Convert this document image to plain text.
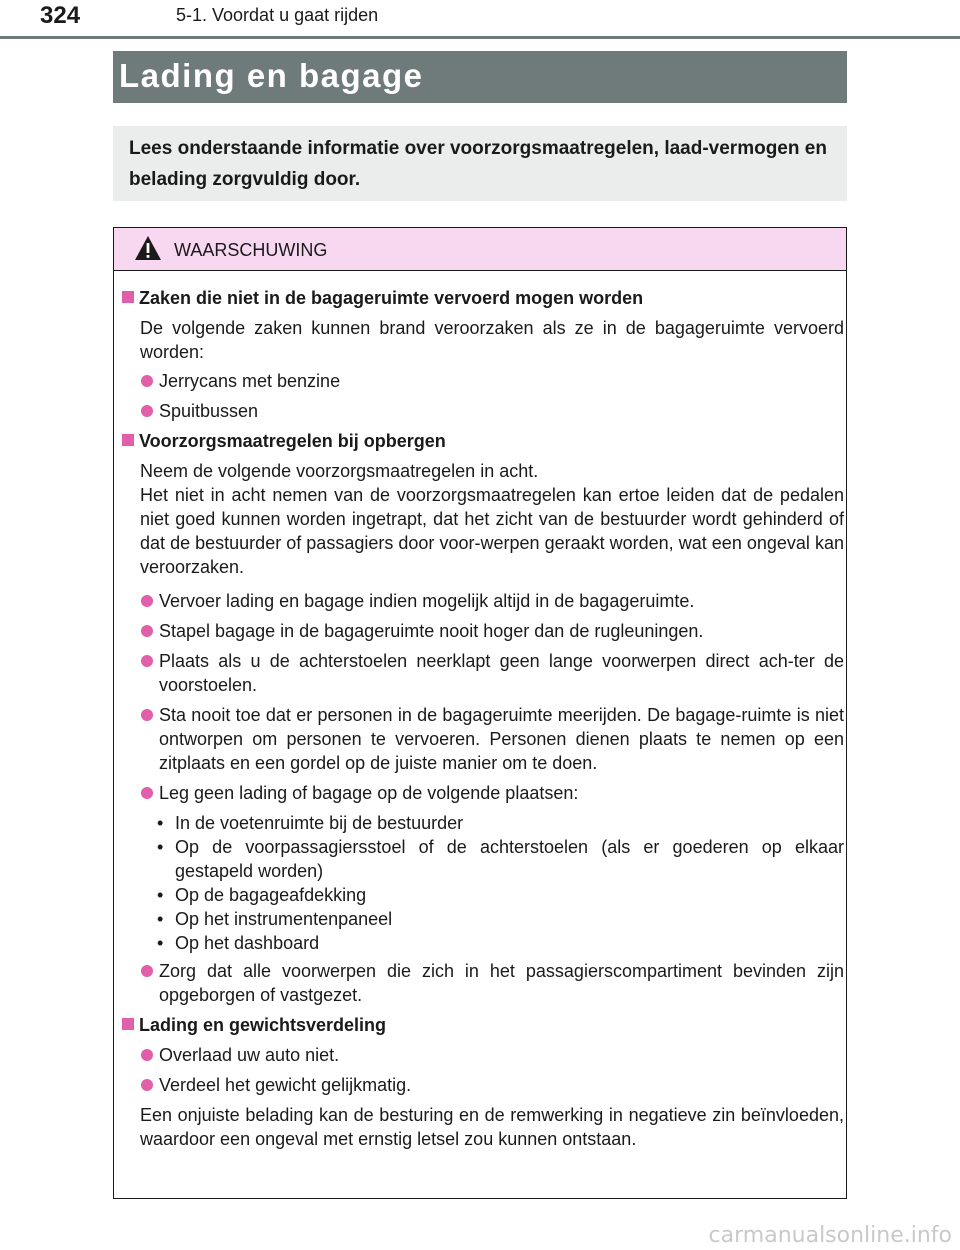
324	5-1. Voordat u gaat rijden
Lading en bagage

Lees onderstaande informatie over voorzorgsmaatregelen, laad-vermogen en belading zorgvuldig door.

WAARSCHUWING
Zaken die niet in de bagageruimte vervoerd mogen worden

De volgende zaken kunnen brand veroorzaken als ze in de bagageruimte vervoerd worden:

Jerrycans met benzine
Spuitbussen
Voorzorgsmaatregelen bij opbergen

Neem de volgende voorzorgsmaatregelen in acht.

Het niet in acht nemen van de voorzorgsmaatregelen kan ertoe leiden dat de pedalen niet goed kunnen worden ingetrapt, dat het zicht van de bestuurder wordt gehinderd of dat de bestuurder of passagiers door voor-werpen geraakt worden, wat een ongeval kan veroorzaken.

Vervoer lading en bagage indien mogelijk altijd in de bagageruimte.
Stapel bagage in de bagageruimte nooit hoger dan de rugleuningen.
Plaats als u de achterstoelen neerklapt geen lange voorwerpen direct ach-ter de voorstoelen.
Sta nooit toe dat er personen in de bagageruimte meerijden. De bagage-ruimte is niet ontworpen om personen te vervoeren. Personen dienen plaats te nemen op een zitplaats en een gordel op de juiste manier om te doen.
Leg geen lading of bagage op de volgende plaatsen:
• In de voetenruimte bij de bestuurder
• Op de voorpassagiersstoel of de achterstoelen (als er goederen op elkaar gestapeld worden)
• Op de bagageafdekking
• Op het instrumentenpaneel
• Op het dashboard
Zorg dat alle voorwerpen die zich in het passagierscompartiment bevinden zijn opgeborgen of vastgezet.
Lading en gewichtsverdeling
Overlaad uw auto niet.
Verdeel het gewicht gelijkmatig.

Een onjuiste belading kan de besturing en de remwerking in negatieve zin beïnvloeden, waardoor een ongeval met ernstig letsel zou kunnen ontstaan.

carmanualsonline.info
